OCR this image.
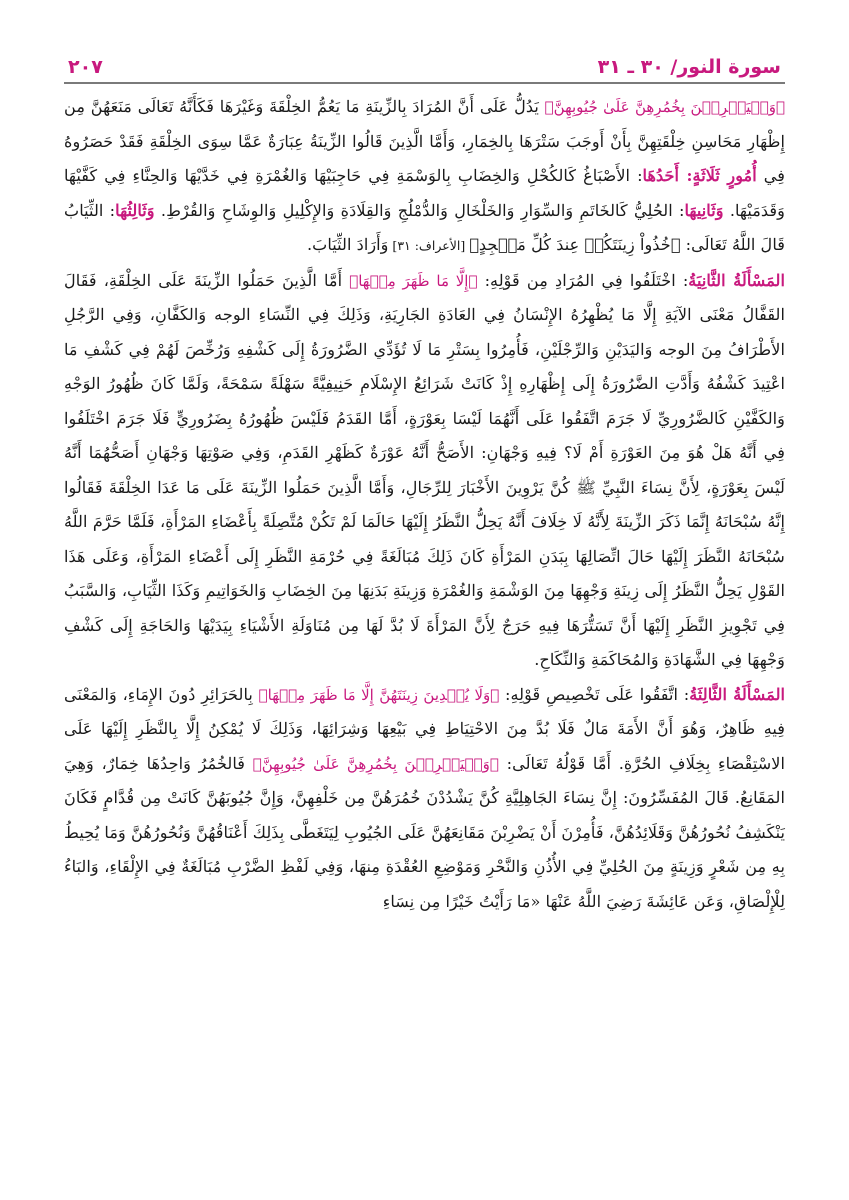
سورة النور/ ٣٠ ـ ٣١
٢٠٧

﴿وَلۡيَضۡرِبۡنَ بِخُمُرِهِنَّ عَلَىٰ جُيُوبِهِنَّ﴾ يَدُلُّ عَلَى أَنَّ المُرَادَ بِالزِّينَةِ مَا يَعُمُّ الخِلْقَةَ وَغَيْرَهَا فَكَأَنَّهُ تَعَالَى مَنَعَهُنَّ مِن إِظْهَارِ مَحَاسِنِ خِلْقَتِهِنَّ بِأَنْ أَوجَبَ سَتْرَهَا بِالخِمَارِ، وَأَمَّا الَّذِينَ قَالُوا الزِّينَةُ عِبَارَةٌ عَمَّا سِوَى الخِلْقَةِ فَقَدْ حَصَرُوهُ فِي أُمُورٍ ثَلَاثَةٍ: أَحَدُهَا: الأَصْبَاغُ كَالكُحْلِ وَالخِضَابِ بِالوَسْمَةِ فِي حَاجِبَيْهَا وَالغُمْرَةِ فِي خَدَّيْهَا وَالحِنَّاءِ فِي كَفَّيْهَا وَقَدَمَيْهَا. وَثَانِيهَا: الحُلِيُّ كَالخَاتَمِ وَالسِّوَارِ وَالخَلْخَالِ وَالدُّمْلُجِ وَالقِلَادَةِ وَالإِكْلِيلِ وَالوِشَاحِ وَالقُرْطِ. وَثَالِثُهَا: الثِّيَابُ قَالَ اللَّهُ تَعَالَى: ﴿خُذُواْ زِينَتَكُمۡ عِندَ كُلِّ مَسۡجِدٍ﴾ [الأعراف: ٣١] وَأَرَادَ الثِّيَابَ.

المَسْأَلَةُ الثَّانِيَةُ: اخْتَلَفُوا فِي المُرَادِ مِن قَوْلِهِ: ﴿إِلَّا مَا ظَهَرَ مِنۡهَا﴾ أَمَّا الَّذِينَ حَمَلُوا الزِّينَةَ عَلَى الخِلْقَةِ، فَقَالَ القَفَّالُ مَعْنَى الآيَةِ إِلَّا مَا يُظْهِرُهُ الإِنْسَانُ فِي العَادَةِ الجَارِيَةِ، وَذَلِكَ فِي النِّسَاءِ الوجه وَالكَفَّانِ، وَفِي الرَّجُلِ الأَطْرَافُ مِنَ الوجه وَاليَدَيْنِ وَالرِّجْلَيْنِ، فَأُمِرُوا بِسَتْرِ مَا لَا تُؤَدِّي الضَّرُورَةُ إِلَى كَشْفِهِ وَرُخِّصَ لَهُمْ فِي كَشْفِ مَا اعْتِيدَ كَشْفُهُ وَأَدَّتِ الضَّرُورَةُ إِلَى إِظْهَارِهِ إِذْ كَانَتْ شَرَائِعُ الإِسْلَامِ حَنِيفِيَّةً سَهْلَةً سَمْحَةً، وَلَمَّا كَانَ ظُهُورُ الوَجْهِ وَالكَفَّيْنِ كَالضَّرُورِيِّ لَا جَرَمَ اتَّفَقُوا عَلَى أَنَّهُمَا لَيْسَا بِعَوْرَةٍ، أَمَّا القَدَمُ فَلَيْسَ ظُهُورُهُ بِضَرُورِيٍّ فَلَا جَرَمَ اخْتَلَفُوا فِي أَنَّهُ هَلْ هُوَ مِنَ العَوْرَةِ أَمْ لَا؟ فِيهِ وَجْهَانِ: الأَصَحُّ أَنَّهُ عَوْرَةٌ كَظَهْرِ القَدَمِ، وَفِي صَوْتِهَا وَجْهَانِ أَصَحُّهُمَا أَنَّهُ لَيْسَ بِعَوْرَةٍ، لِأَنَّ نِسَاءَ النَّبِيِّ ﷺ كُنَّ يَرْوِينَ الأَخْبَارَ لِلرِّجَالِ، وَأَمَّا الَّذِينَ حَمَلُوا الزِّينَةَ عَلَى مَا عَدَا الخِلْقَةَ فَقَالُوا إِنَّهُ سُبْحَانَهُ إِنَّمَا ذَكَرَ الزِّينَةَ لِأَنَّهُ لَا خِلَافَ أَنَّهُ يَحِلُّ النَّظَرُ إِلَيْهَا حَالَمَا لَمْ تَكُنْ مُتَّصِلَةً بِأَعْضَاءِ المَرْأَةِ، فَلَمَّا حَرَّمَ اللَّهُ سُبْحَانَهُ النَّظَرَ إِلَيْهَا حَالَ اتِّصَالِهَا بِبَدَنِ المَرْأَةِ كَانَ ذَلِكَ مُبَالَغَةً فِي حُرْمَةِ النَّظَرِ إِلَى أَعْضَاءِ المَرْأَةِ، وَعَلَى هَذَا القَوْلِ يَحِلُّ النَّظَرُ إِلَى زِينَةِ وَجْهِهَا مِنَ الوَشْمَةِ وَالغُمْرَةِ وَزِينَةِ بَدَنِهَا مِنَ الخِضَابِ وَالخَوَاتِيمِ وَكَذَا الثِّيَابِ، وَالسَّبَبُ فِي تَجْوِيزِ النَّظَرِ إِلَيْهَا أَنَّ تَسَتُّرَهَا فِيهِ حَرَجٌ لِأَنَّ المَرْأَةَ لَا بُدَّ لَهَا مِن مُنَاوَلَةِ الأَشْيَاءِ بِيَدَيْهَا وَالحَاجَةِ إِلَى كَشْفِ وَجْهِهَا فِي الشَّهَادَةِ وَالمُحَاكَمَةِ وَالنِّكَاحِ.

المَسْأَلَةُ الثَّالِثَةُ: اتَّفَقُوا عَلَى تَخْصِيصِ قَوْلِهِ: ﴿وَلَا يُبۡدِينَ زِينَتَهُنَّ إِلَّا مَا ظَهَرَ مِنۡهَا﴾ بِالحَرَائِرِ دُونَ الإِمَاءِ، وَالمَعْنَى فِيهِ ظَاهِرٌ، وَهُوَ أَنَّ الأَمَةَ مَالٌ فَلَا بُدَّ مِنَ الاحْتِيَاطِ فِي بَيْعِهَا وَشِرَائِهَا، وَذَلِكَ لَا يُمْكِنُ إِلَّا بِالنَّظَرِ إِلَيْهَا عَلَى الاسْتِقْصَاءِ بِخِلَافِ الحُرَّةِ. أَمَّا قَوْلُهُ تَعَالَى: ﴿وَلۡيَضۡرِبۡنَ بِخُمُرِهِنَّ عَلَىٰ جُيُوبِهِنَّ﴾ فَالخُمُرُ وَاحِدُهَا خِمَارٌ، وَهِيَ المَقَانِعُ. قَالَ المُفَسِّرُونَ: إِنَّ نِسَاءَ الجَاهِلِيَّةِ كُنَّ يَشْدُدْنَ خُمُرَهُنَّ مِن خَلْفِهِنَّ، وَإِنَّ جُيُوبَهُنَّ كَانَتْ مِن قُدَّامٍ فَكَانَ يَنْكَشِفُ نُحُورُهُنَّ وَقَلَائِدُهُنَّ، فَأُمِرْنَ أَنْ يَضْرِبْنَ مَقَانِعَهُنَّ عَلَى الجُيُوبِ لِيَتَغَطَّى بِذَلِكَ أَعْنَاقُهُنَّ وَنُحُورُهُنَّ وَمَا يُحِيطُ بِهِ مِن شَعْرٍ وَزِينَةٍ مِنَ الحُلِيِّ فِي الأُذُنِ وَالنَّحْرِ وَمَوْضِعِ العُقْدَةِ مِنهَا، وَفِي لَفْظِ الضَّرْبِ مُبَالَغَةٌ فِي الإِلْقَاءِ، وَالبَاءُ لِلْإِلْصَاقِ، وَعَن عَائِشَةَ رَضِيَ اللَّهُ عَنْهَا «مَا رَأَيْتُ خَيْرًا مِن نِسَاءِ
